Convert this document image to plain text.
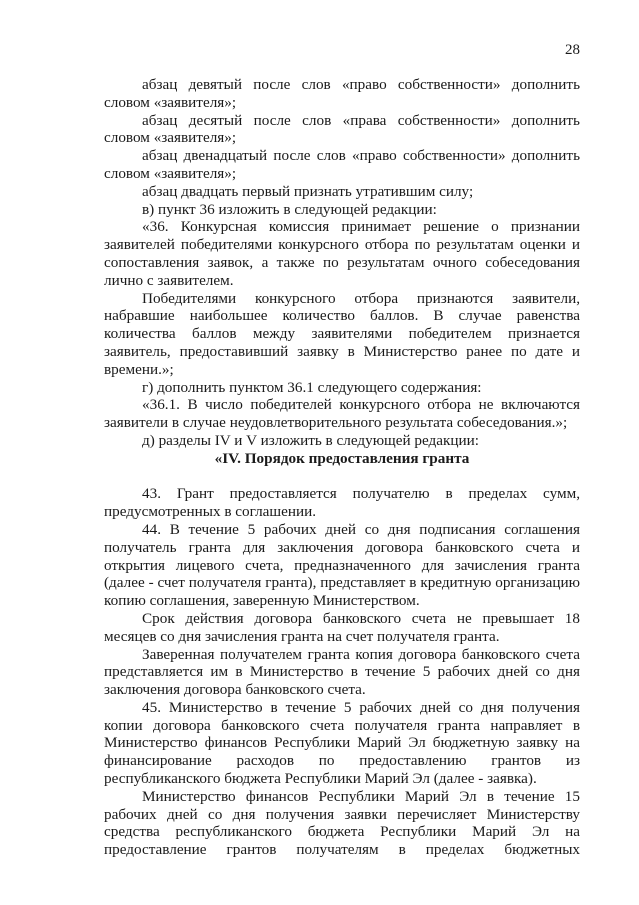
28

абзац девятый после слов «право собственности» дополнить словом «заявителя»;

абзац десятый после слов «права собственности» дополнить словом «заявителя»;

абзац двенадцатый после слов «право собственности» дополнить словом «заявителя»;

абзац двадцать первый признать утратившим силу;

в) пункт 36 изложить в следующей редакции:

«36. Конкурсная комиссия принимает решение о признании заявителей победителями конкурсного отбора по результатам оценки и сопоставления заявок, а также по результатам очного собеседования лично с заявителем.

Победителями конкурсного отбора признаются заявители, набравшие наибольшее количество баллов. В случае равенства количества баллов между заявителями победителем признается заявитель, предоставивший заявку в Министерство ранее по дате и времени.»;

г) дополнить пунктом 36.1 следующего содержания:

«36.1. В число победителей конкурсного отбора не включаются заявители в случае неудовлетворительного результата собеседования.»;

д) разделы IV и V изложить в следующей редакции:

«IV. Порядок предоставления гранта

43. Грант предоставляется получателю в пределах сумм, предусмотренных в соглашении.

44. В течение 5 рабочих дней со дня подписания соглашения получатель гранта для заключения договора банковского счета и открытия лицевого счета, предназначенного для зачисления гранта (далее - счет получателя гранта), представляет в кредитную организацию копию соглашения, заверенную Министерством.

Срок действия договора банковского счета не превышает 18 месяцев со дня зачисления гранта на счет получателя гранта.

Заверенная получателем гранта копия договора банковского счета представляется им в Министерство в течение 5 рабочих дней со дня заключения договора банковского счета.

45. Министерство в течение 5 рабочих дней со дня получения копии договора банковского счета получателя гранта направляет в Министерство финансов Республики Марий Эл бюджетную заявку на финансирование расходов по предоставлению грантов из республиканского бюджета Республики Марий Эл (далее - заявка).

Министерство финансов Республики Марий Эл в течение 15 рабочих дней со дня получения заявки перечисляет Министерству средства республиканского бюджета Республики Марий Эл на предоставление грантов получателям в пределах бюджетных
